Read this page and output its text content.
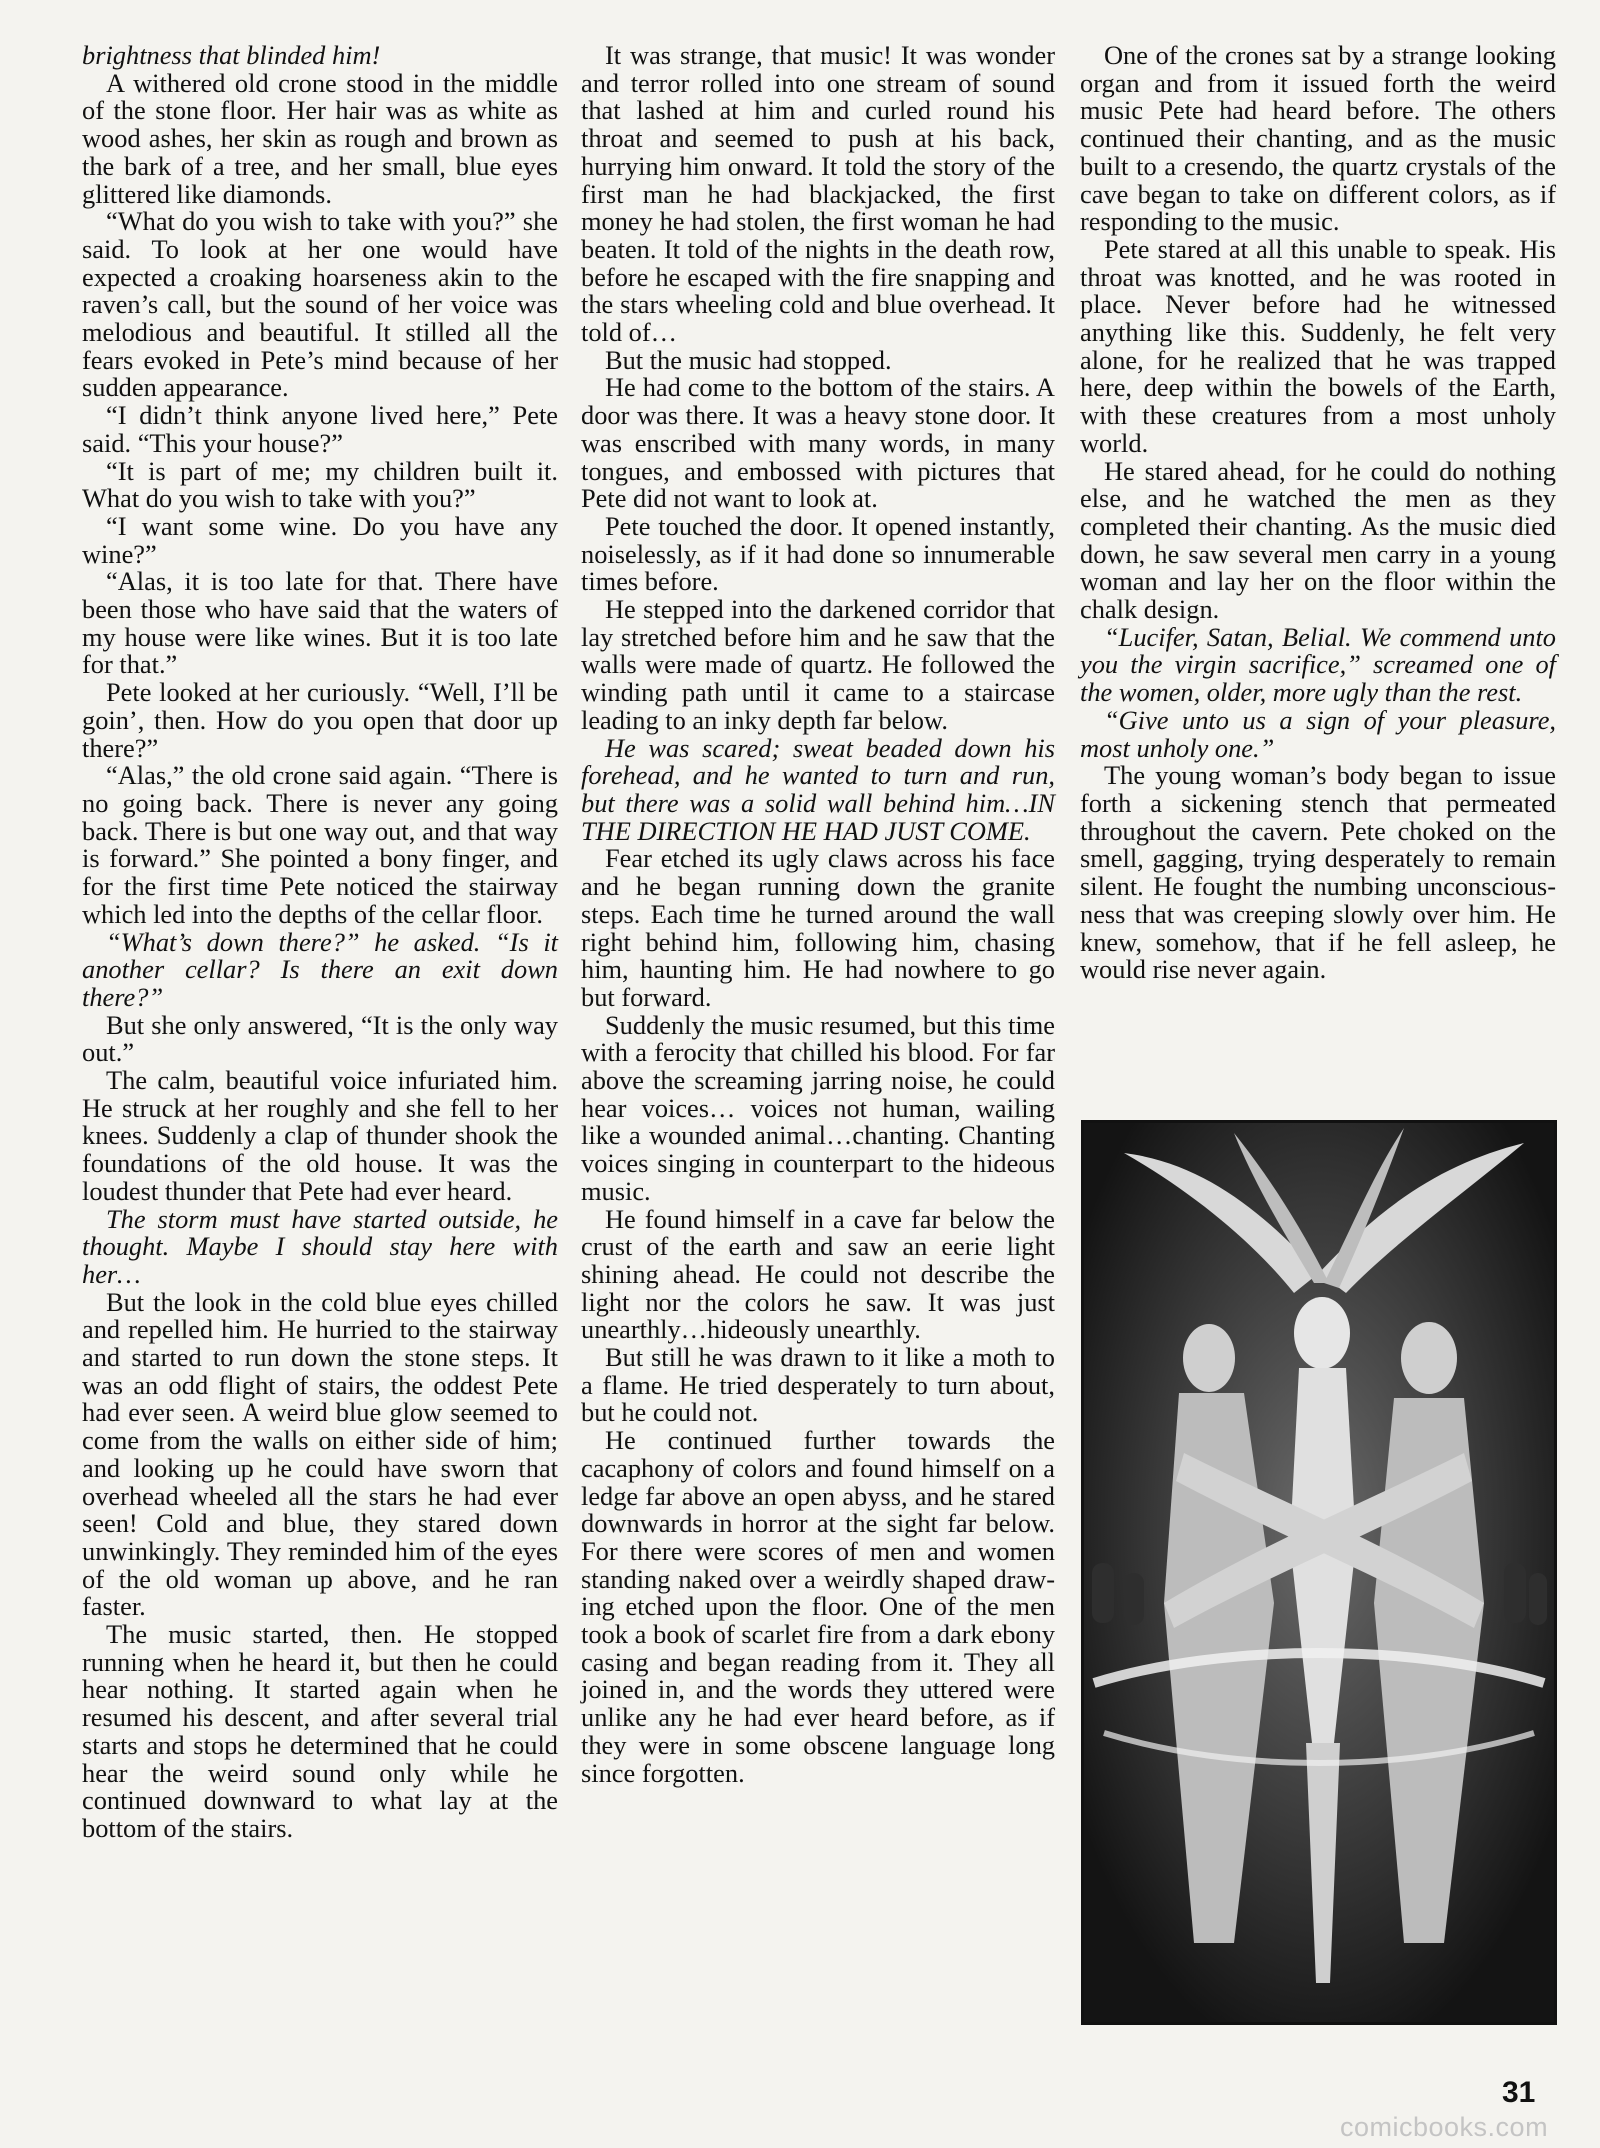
brightness that blinded him!

A withered old crone stood in the middle of the stone floor. Her hair was as white as wood ashes, her skin as rough and brown as the bark of a tree, and her small, blue eyes glittered like diamonds.

“What do you wish to take with you?” she said. To look at her one would have expected a croaking hoarseness akin to the raven’s call, but the sound of her voice was melodious and beautiful. It stilled all the fears evoked in Pete’s mind because of her sudden appearance.

“I didn’t think anyone lived here,” Pete said. “This your house?”

“It is part of me; my children built it. What do you wish to take with you?”

“I want some wine. Do you have any wine?”

“Alas, it is too late for that. There have been those who have said that the waters of my house were like wines. But it is too late for that.”

Pete looked at her curiously. “Well, I’ll be goin’, then. How do you open that door up there?”

“Alas,” the old crone said again. “There is no going back. There is never any going back. There is but one way out, and that way is forward.” She pointed a bony finger, and for the first time Pete noticed the stairway which led into the depths of the cellar floor.

“What’s down there?” he asked. “Is it another cellar? Is there an exit down there?”

But she only answered, “It is the only way out.”

The calm, beautiful voice infuriated him. He struck at her roughly and she fell to her knees. Suddenly a clap of thunder shook the foundations of the old house. It was the loudest thunder that Pete had ever heard.

The storm must have started outside, he thought. Maybe I should stay here with her…

But the look in the cold blue eyes chilled and repelled him. He hurried to the stairway and started to run down the stone steps. It was an odd flight of stairs, the oddest Pete had ever seen. A weird blue glow seemed to come from the walls on either side of him; and looking up he could have sworn that overhead wheeled all the stars he had ever seen! Cold and blue, they stared down unwinkingly. They reminded him of the eyes of the old woman up above, and he ran faster.

The music started, then. He stopped running when he heard it, but then he could hear nothing. It started again when he resumed his descent, and after several trial starts and stops he determined that he could hear the weird sound only while he continued downward to what lay at the bottom of the stairs.

It was strange, that music! It was wonder and terror rolled into one stream of sound that lashed at him and curled round his throat and seemed to push at his back, hurrying him onward. It told the story of the first man he had blackjacked, the first money he had stolen, the first woman he had beaten. It told of the nights in the death row, before he escaped with the fire snapping and the stars wheeling cold and blue overhead. It told of…

But the music had stopped.

He had come to the bottom of the stairs. A door was there. It was a heavy stone door. It was enscribed with many words, in many tongues, and embossed with pictures that Pete did not want to look at.

Pete touched the door. It opened instantly, noiselessly, as if it had done so innumerable times before.

He stepped into the darkened corridor that lay stretched before him and he saw that the walls were made of quartz. He followed the winding path until it came to a staircase leading to an inky depth far below.

He was scared; sweat beaded down his forehead, and he wanted to turn and run, but there was a solid wall behind him…IN THE DIRECTION HE HAD JUST COME.

Fear etched its ugly claws across his face and he began running down the granite steps. Each time he turned around the wall right behind him, following him, chasing him, haunting him. He had nowhere to go but forward.

Suddenly the music resumed, but this time with a ferocity that chilled his blood. For far above the screaming jarring noise, he could hear voices… voices not human, wailing like a wounded animal…chanting. Chanting voices singing in counterpart to the hideous music.

He found himself in a cave far below the crust of the earth and saw an eerie light shining ahead. He could not describe the light nor the colors he saw. It was just unearthly…hideously unearthly.

But still he was drawn to it like a moth to a flame. He tried desperately to turn about, but he could not.

He continued further towards the cacaphony of colors and found himself on a ledge far above an open abyss, and he stared downwards in horror at the sight far below. For there were scores of men and women standing naked over a weirdly shaped drawing etched upon the floor. One of the men took a book of scarlet fire from a dark ebony casing and began reading from it. They all joined in, and the words they uttered were unlike any he had ever heard before, as if they were in some obscene language long since forgotten.

One of the crones sat by a strange looking organ and from it issued forth the weird music Pete had heard before. The others continued their chanting, and as the music built to a cresendo, the quartz crystals of the cave began to take on different colors, as if responding to the music.

Pete stared at all this unable to speak. His throat was knotted, and he was rooted in place. Never before had he witnessed anything like this. Suddenly, he felt very alone, for he realized that he was trapped here, deep within the bowels of the Earth, with these creatures from a most unholy world.

He stared ahead, for he could do nothing else, and he watched the men as they completed their chanting. As the music died down, he saw several men carry in a young woman and lay her on the floor within the chalk design.

“Lucifer, Satan, Belial. We commend unto you the virgin sacrifice,” screamed one of the women, older, more ugly than the rest.

“Give unto us a sign of your pleasure, most unholy one.”

The young woman’s body began to issue forth a sickening stench that permeated throughout the cavern. Pete choked on the smell, gagging, trying desperately to remain silent. He fought the numbing unconsciousness that was creeping slowly over him. He knew, somehow, that if he fell asleep, he would rise never again.

31
comicbooks.com
